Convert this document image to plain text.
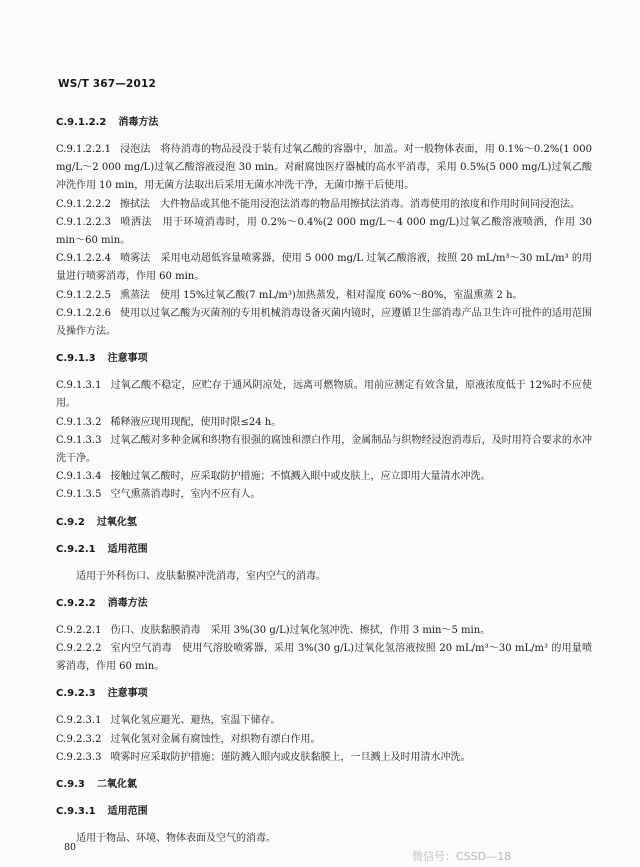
WS/T 367—2012
C.9.1.2.2 消毒方法

C.9.1.2.2.1 浸泡法　将待消毒的物品浸没于装有过氧乙酸的容器中，加盖。对一般物体表面，用 0.1%～0.2%(1 000 mg/L～2 000 mg/L)过氧乙酸溶液浸泡 30 min。对耐腐蚀医疗器械的高水平消毒，采用 0.5%(5 000 mg/L)过氧乙酸冲洗作用 10 min，用无菌方法取出后采用无菌水冲洗干净，无菌巾擦干后使用。

C.9.1.2.2.2 擦拭法　大件物品或其他不能用浸泡法消毒的物品用擦拭法消毒。消毒使用的浓度和作用时间同浸泡法。

C.9.1.2.2.3 喷洒法　用于环境消毒时，用 0.2%～0.4%(2 000 mg/L～4 000 mg/L)过氧乙酸溶液喷洒，作用 30 min～60 min。

C.9.1.2.2.4 喷雾法　采用电动超低容量喷雾器，使用 5 000 mg/L 过氧乙酸溶液，按照 20 mL/m³～30 mL/m³ 的用量进行喷雾消毒，作用 60 min。

C.9.1.2.2.5 熏蒸法　使用 15%过氧乙酸(7 mL/m³)加热蒸发，相对湿度 60%～80%，室温熏蒸 2 h。

C.9.1.2.2.6 使用以过氧乙酸为灭菌剂的专用机械消毒设备灭菌内镜时，应遵循卫生部消毒产品卫生许可批件的适用范围及操作方法。

C.9.1.3 注意事项

C.9.1.3.1 过氧乙酸不稳定，应贮存于通风阴凉处，远离可燃物质。用前应测定有效含量，原液浓度低于 12%时不应使用。

C.9.1.3.2 稀释液应现用现配，使用时限≤24 h。

C.9.1.3.3 过氧乙酸对多种金属和织物有很强的腐蚀和漂白作用，金属制品与织物经浸泡消毒后，及时用符合要求的水冲洗干净。

C.9.1.3.4 接触过氧乙酸时，应采取防护措施；不慎溅入眼中或皮肤上，应立即用大量清水冲洗。

C.9.1.3.5 空气熏蒸消毒时，室内不应有人。

C.9.2 过氧化氢
C.9.2.1 适用范围

适用于外科伤口、皮肤黏膜冲洗消毒，室内空气的消毒。

C.9.2.2 消毒方法

C.9.2.2.1 伤口、皮肤黏膜消毒　采用 3%(30 g/L)过氧化氢冲洗、擦拭，作用 3 min～5 min。

C.9.2.2.2 室内空气消毒　使用气溶胶喷雾器，采用 3%(30 g/L)过氧化氢溶液按照 20 mL/m³～30 mL/m³ 的用量喷雾消毒，作用 60 min。

C.9.2.3 注意事项

C.9.2.3.1 过氧化氢应避光、避热，室温下储存。

C.9.2.3.2 过氧化氢对金属有腐蚀性，对织物有漂白作用。

C.9.2.3.3 喷雾时应采取防护措施；谨防溅入眼内或皮肤黏膜上，一旦溅上及时用清水冲洗。

C.9.3 二氧化氯
C.9.3.1 适用范围

适用于物品、环境、物体表面及空气的消毒。

80
微信号：CSSD—18
